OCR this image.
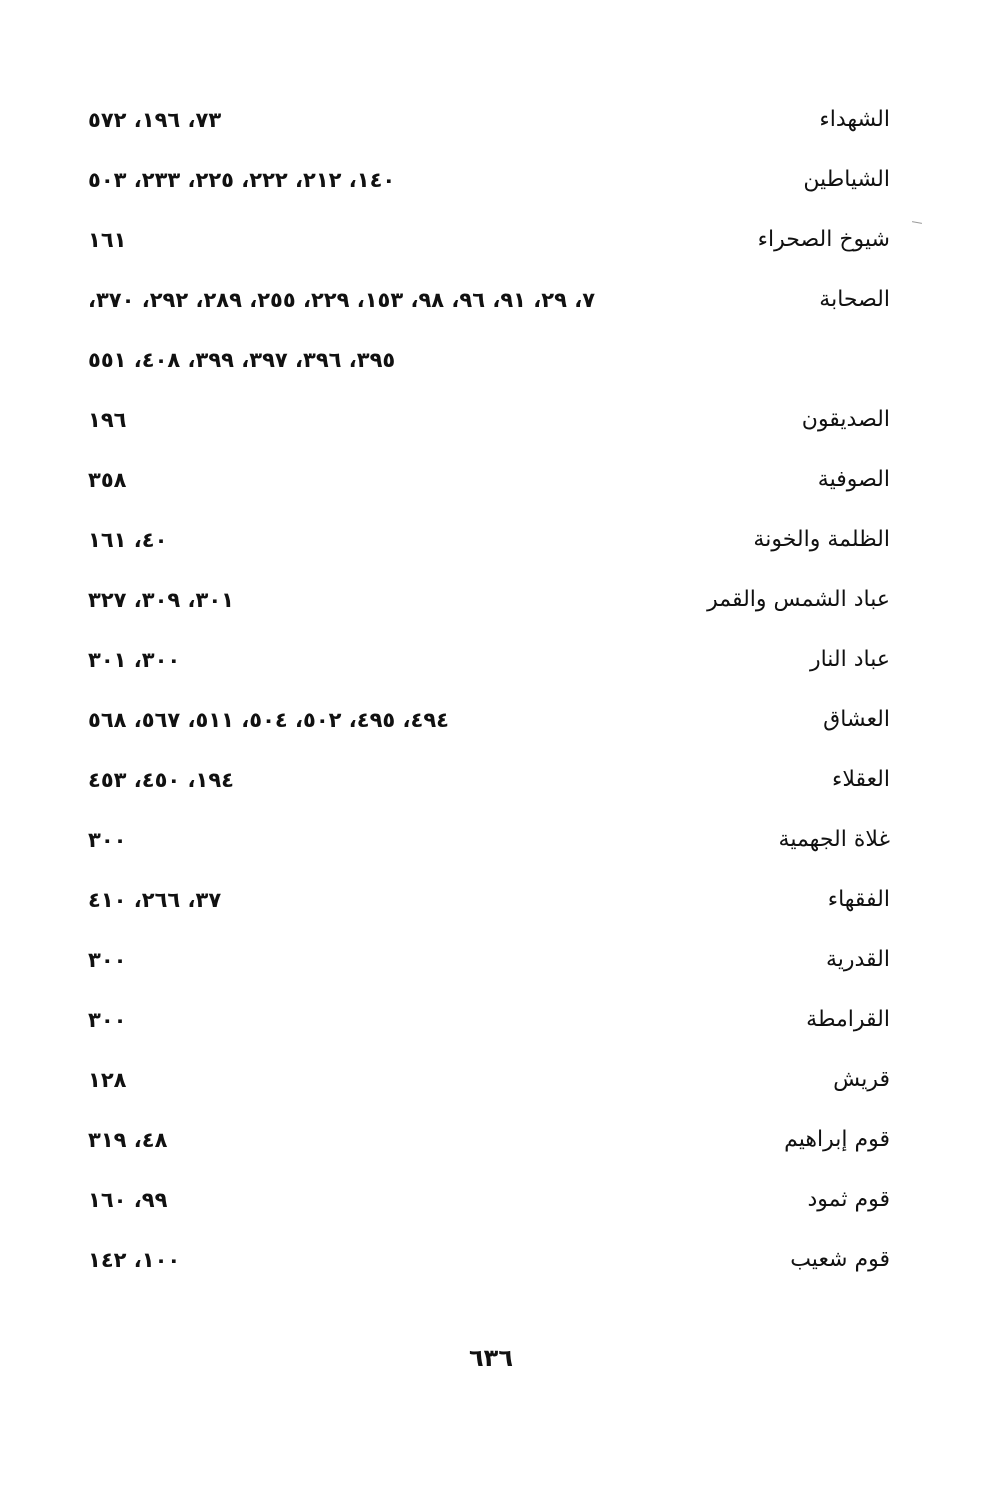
الشهداء
٧٣، ١٩٦، ٥٧٢
الشياطين
١٤٠، ٢١٢، ٢٢٢، ٢٢٥، ٢٣٣، ٥٠٣
شيوخ الصحراء
١٦١
الصحابة
٧، ٢٩، ٩١، ٩٦، ٩٨، ١٥٣، ٢٢٩، ٢٥٥، ٢٨٩، ٢٩٢، ٣٧٠،
٣٩٥، ٣٩٦، ٣٩٧، ٣٩٩، ٤٠٨، ٥٥١
الصديقون
١٩٦
الصوفية
٣٥٨
الظلمة والخونة
٤٠، ١٦١
عباد الشمس والقمر
٣٠١، ٣٠٩، ٣٢٧
عباد النار
٣٠٠، ٣٠١
العشاق
٤٩٤، ٤٩٥، ٥٠٢، ٥٠٤، ٥١١، ٥٦٧، ٥٦٨
العقلاء
١٩٤، ٤٥٠، ٤٥٣
غلاة الجهمية
٣٠٠
الفقهاء
٣٧، ٢٦٦، ٤١٠
القدرية
٣٠٠
القرامطة
٣٠٠
قريش
١٢٨
قوم إبراهيم
٤٨، ٣١٩
قوم ثمود
٩٩، ١٦٠
قوم شعيب
١٠٠، ١٤٢
٦٣٦
